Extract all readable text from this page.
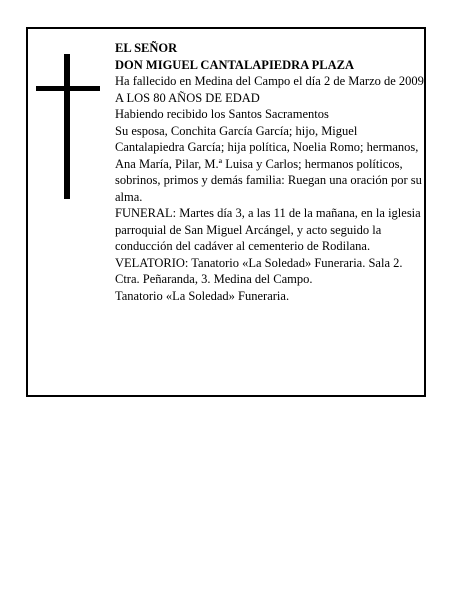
EL SEÑOR

DON MIGUEL CANTALAPIEDRA PLAZA

Ha fallecido en Medina del Campo el día 2 de Marzo de 2009

A LOS 80 AÑOS DE EDAD

Habiendo recibido los Santos Sacramentos

Su esposa, Conchita García García; hijo, Miguel Cantalapiedra García; hija política, Noelia Romo; hermanos, Ana María, Pilar, M.ª Luisa y Carlos; hermanos políticos, sobrinos, primos y demás familia: Ruegan una oración por su alma.

FUNERAL: Martes día 3, a las 11 de la mañana, en la iglesia parroquial de San Miguel Arcángel, y acto seguido la conducción del cadáver al cementerio de Rodilana.

VELATORIO: Tanatorio «La Soledad» Funeraria. Sala 2. Ctra. Peñaranda, 3. Medina del Campo.

Tanatorio «La Soledad» Funeraria.
